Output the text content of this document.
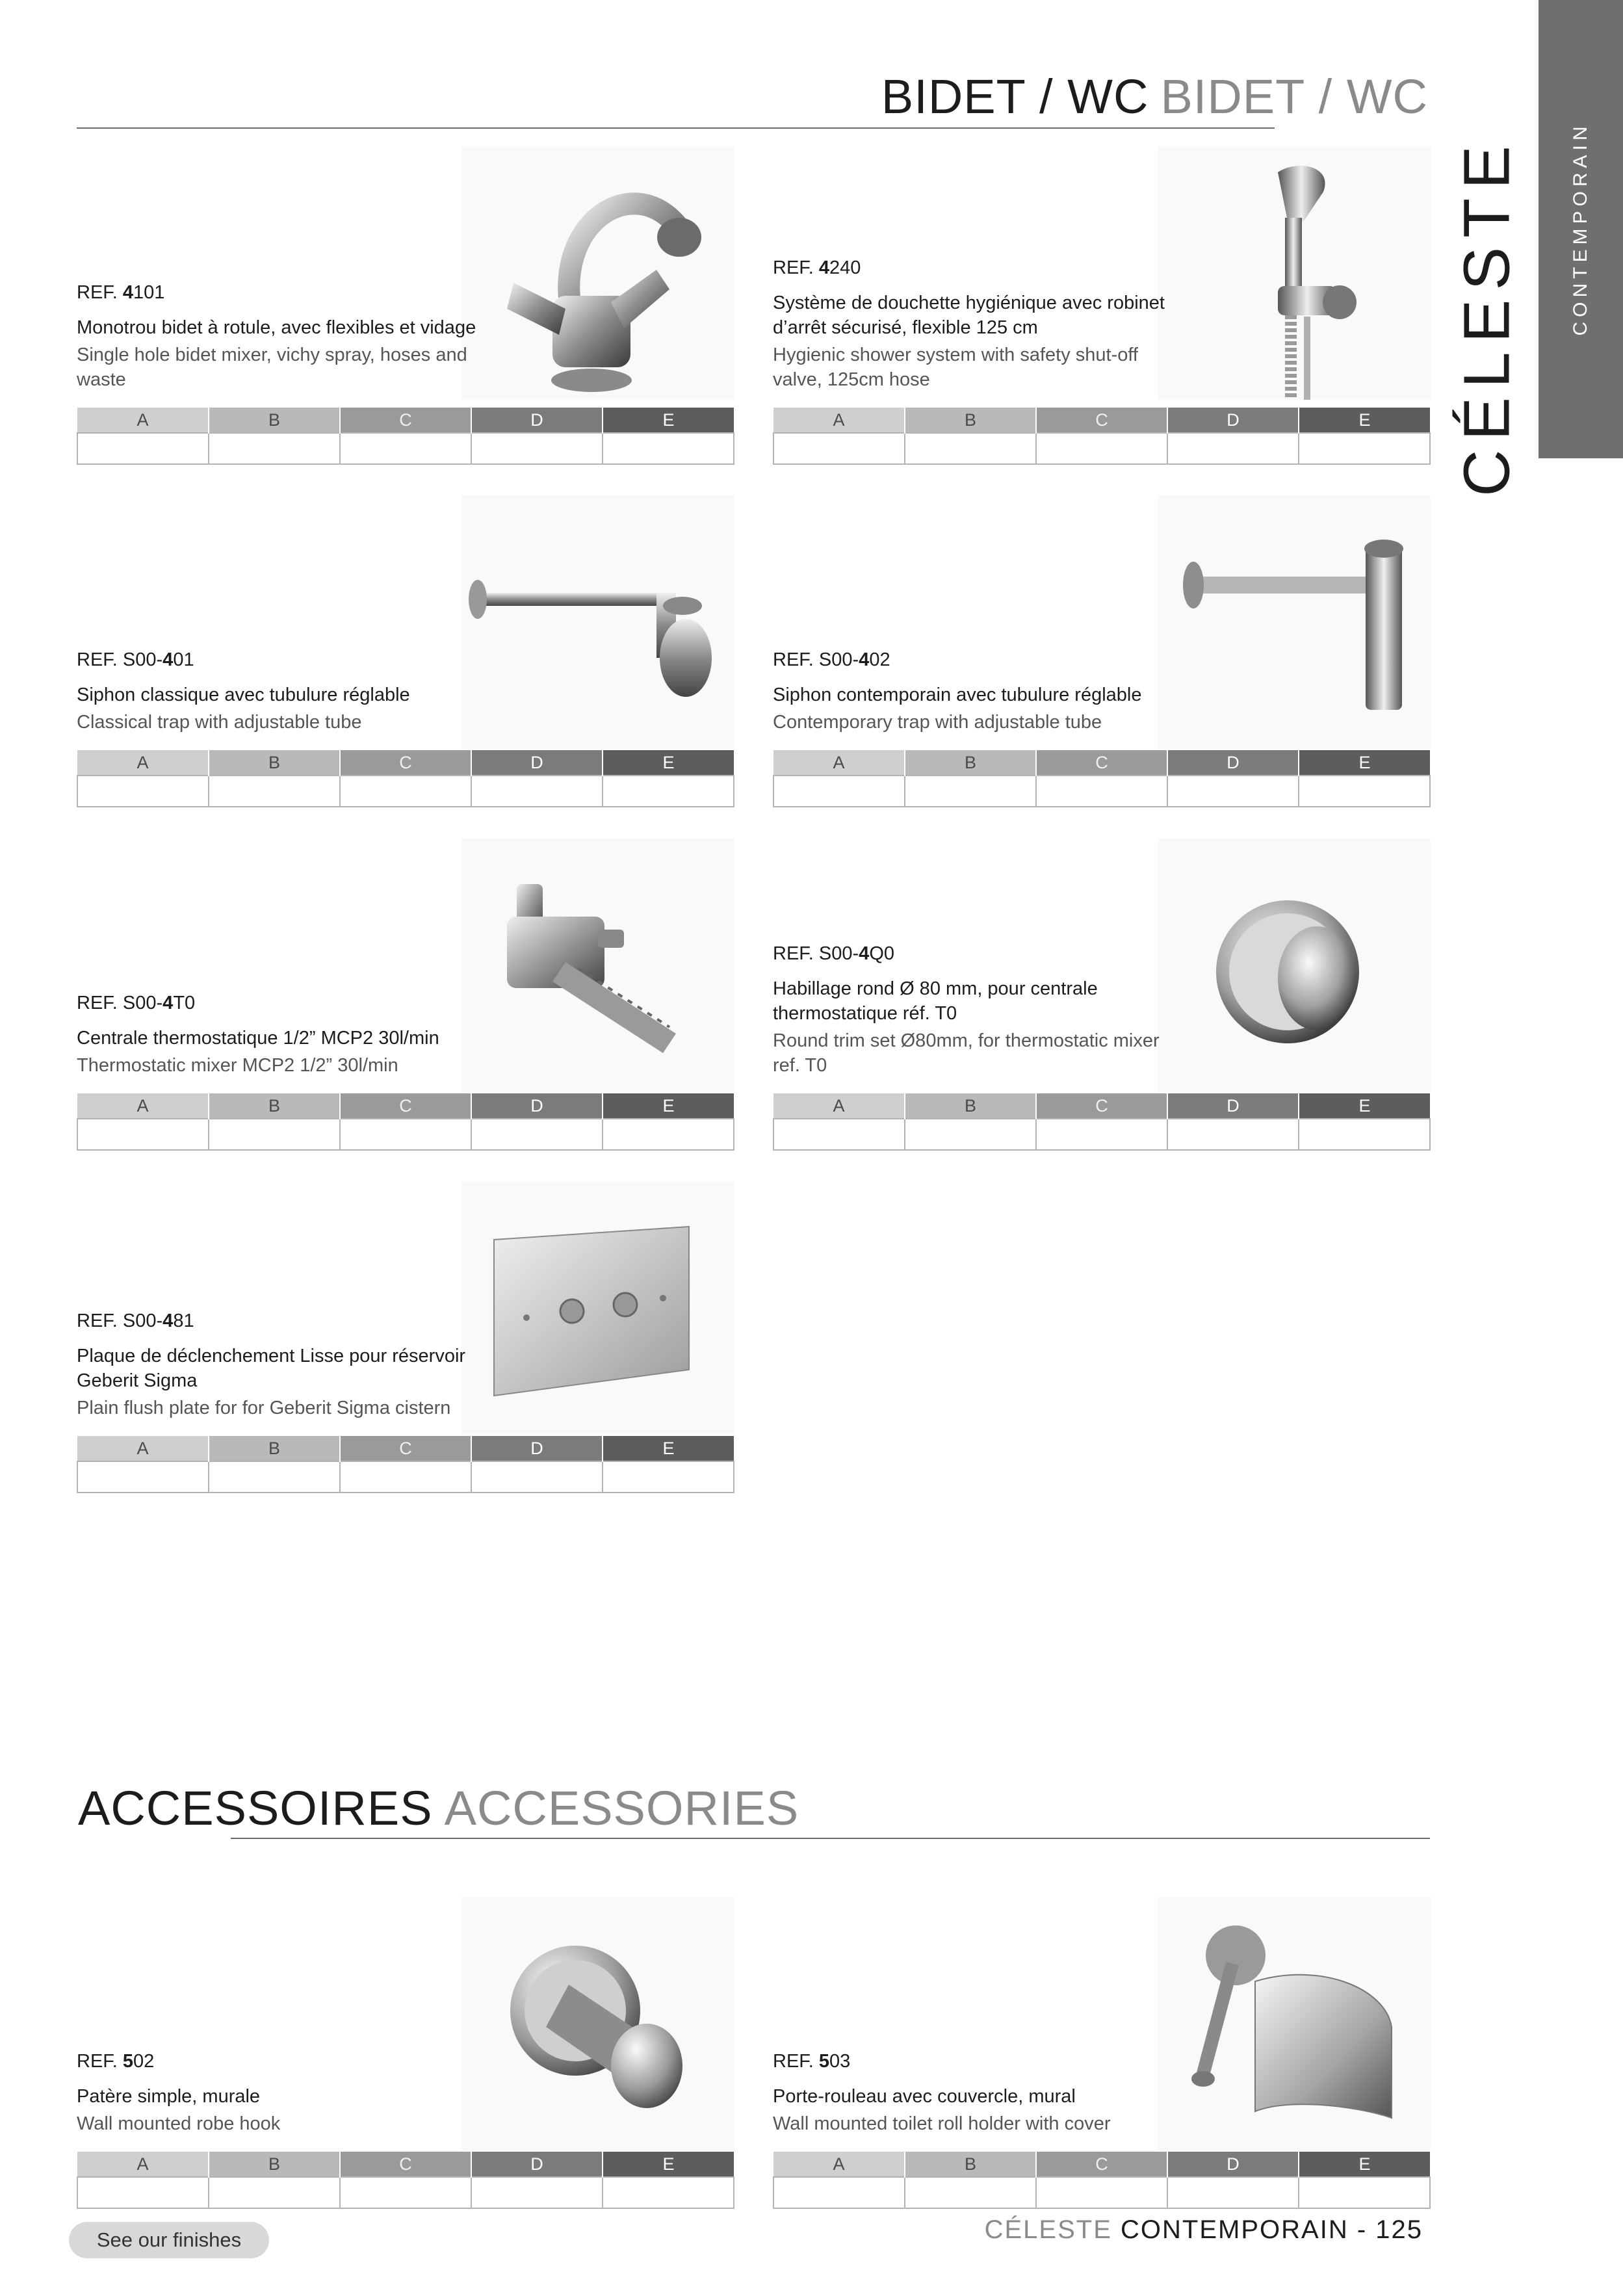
CONTEMPORAIN
CÉLESTE
BIDET / WC BIDET / WC
REF. 4101
Monotrou bidet à rotule, avec flexibles et vidage
Single hole bidet mixer, vichy spray, hoses and waste
A	B	C	D	E

REF. 4240
Système de douchette hygiénique avec robinet d’arrêt sécurisé, flexible 125 cm
Hygienic shower system with safety shut-off valve, 125cm hose
A	B	C	D	E

REF. S00-401
Siphon classique avec tubulure réglable
Classical trap with adjustable tube
A	B	C	D	E

REF. S00-402
Siphon contemporain avec tubulure réglable
Contemporary trap with adjustable tube
A	B	C	D	E

REF. S00-4T0
Centrale thermostatique 1/2” MCP2 30l/min
Thermostatic mixer MCP2 1/2” 30l/min
A	B	C	D	E

REF. S00-4Q0
Habillage rond Ø 80 mm, pour centrale thermostatique réf. T0
Round trim set Ø80mm, for thermostatic mixer ref. T0
A	B	C	D	E

REF. S00-481
Plaque de déclenchement Lisse pour réservoir Geberit Sigma
Plain flush plate for for Geberit Sigma cistern
A	B	C	D	E

ACCESSOIRES ACCESSORIES
REF. 502
Patère simple, murale
Wall mounted robe hook
A	B	C	D	E

REF. 503
Porte-rouleau avec couvercle, mural
Wall mounted toilet roll holder with cover
A	B	C	D	E

See our finishes	CÉLESTE CONTEMPORAIN - 125
